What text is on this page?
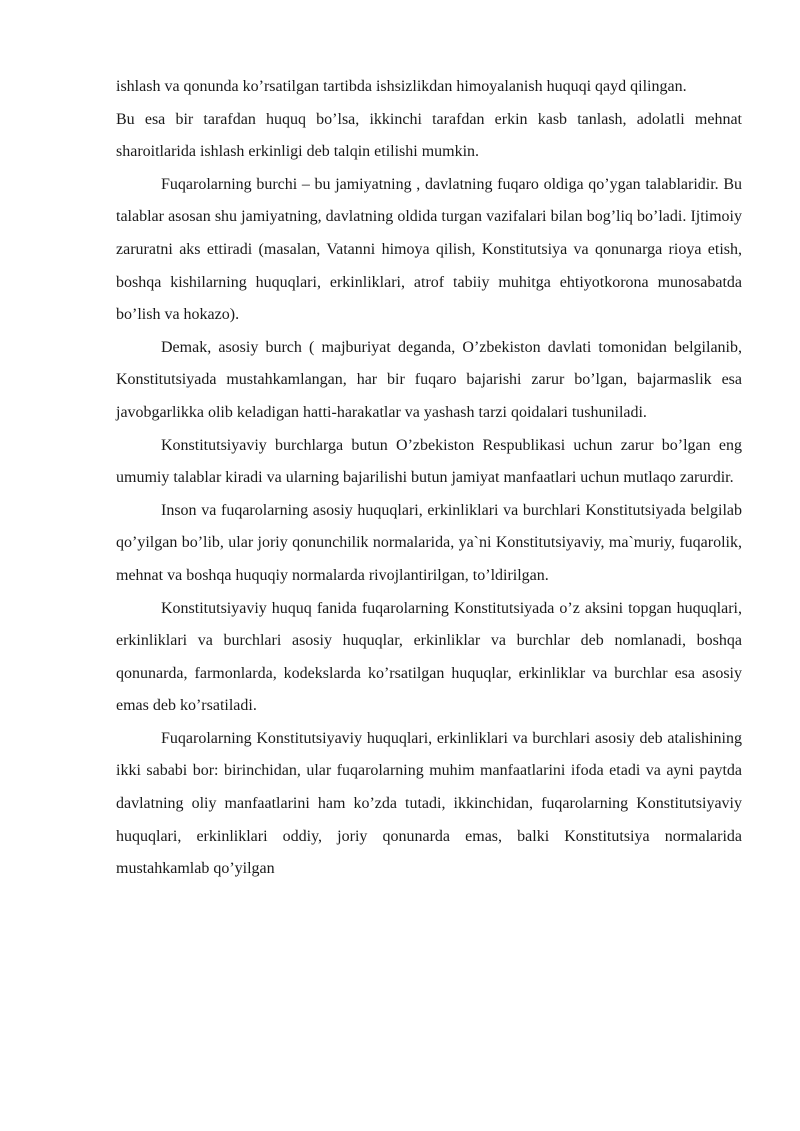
ishlash va qonunda ko’rsatilgan tartibda ishsizlikdan himoyalanish huquqi qayd qilingan.

Bu esa bir tarafdan huquq bo’lsa, ikkinchi tarafdan erkin kasb tanlash, adolatli mehnat sharoitlarida ishlash erkinligi deb talqin etilishi mumkin.

Fuqarolarning burchi – bu jamiyatning , davlatning fuqaro oldiga qo’ygan talablaridir. Bu talablar asosan shu jamiyatning, davlatning oldida turgan vazifalari bilan bog’liq bo’ladi. Ijtimoiy zaruratni aks ettiradi (masalan, Vatanni himoya qilish, Konstitutsiya va qonunarga rioya etish, boshqa kishilarning huquqlari, erkinliklari, atrof tabiiy muhitga ehtiyotkorona munosabatda bo’lish va hokazo).

Demak, asosiy burch ( majburiyat deganda, O’zbekiston davlati tomonidan belgilanib, Konstitutsiyada mustahkamlangan, har bir fuqaro bajarishi zarur bo’lgan, bajarmaslik esa javobgarlikka olib keladigan hatti-harakatlar va yashash tarzi qoidalari tushuniladi.

Konstitutsiyaviy burchlarga butun O’zbekiston Respublikasi uchun zarur bo’lgan eng umumiy talablar kiradi va ularning bajarilishi butun jamiyat manfaatlari uchun mutlaqo zarurdir.

Inson va fuqarolarning asosiy huquqlari, erkinliklari va burchlari Konstitutsiyada belgilab qo’yilgan bo’lib, ular joriy qonunchilik normalarida, ya`ni Konstitutsiyaviy, ma`muriy, fuqarolik, mehnat va boshqa huquqiy normalarda rivojlantirilgan, to’ldirilgan.

Konstitutsiyaviy huquq fanida fuqarolarning Konstitutsiyada o’z aksini topgan huquqlari, erkinliklari va burchlari asosiy huquqlar, erkinliklar va burchlar deb nomlanadi, boshqa qonunarda, farmonlarda, kodekslarda ko’rsatilgan huquqlar, erkinliklar va burchlar esa asosiy emas deb ko’rsatiladi.

Fuqarolarning Konstitutsiyaviy huquqlari, erkinliklari va burchlari asosiy deb atalishining ikki sababi bor: birinchidan, ular fuqarolarning muhim manfaatlarini ifoda etadi va ayni paytda davlatning oliy manfaatlarini ham ko’zda tutadi, ikkinchidan, fuqarolarning Konstitutsiyaviy huquqlari, erkinliklari oddiy, joriy qonunarda emas, balki Konstitutsiya normalarida mustahkamlab qo’yilgan
